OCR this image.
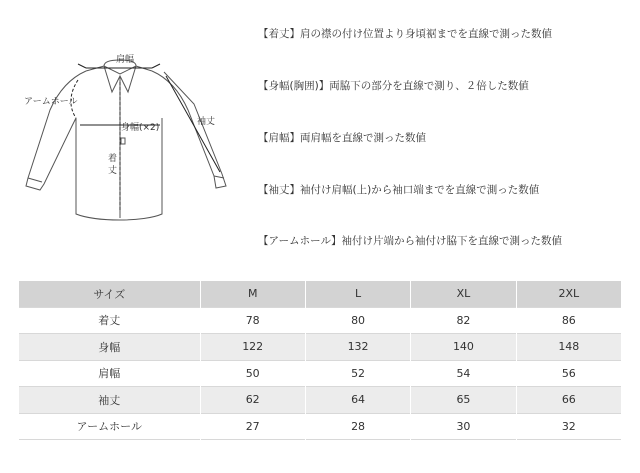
肩幅
アームホール
袖丈
身幅(×2)
着
丈
【着丈】肩の襟の付け位置より身頃裾までを直線で測った数値
【身幅(胸囲)】両脇下の部分を直線で測り、２倍した数値
【肩幅】両肩幅を直線で測った数値
【袖丈】袖付け肩幅(上)から袖口端までを直線で測った数値
【アームホール】袖付け片端から袖付け脇下を直線で測った数値
サイズ	M	L	XL	2XL
着丈	78	80	82	86
身幅	122	132	140	148
肩幅	50	52	54	56
袖丈	62	64	65	66
アームホール	27	28	30	32
